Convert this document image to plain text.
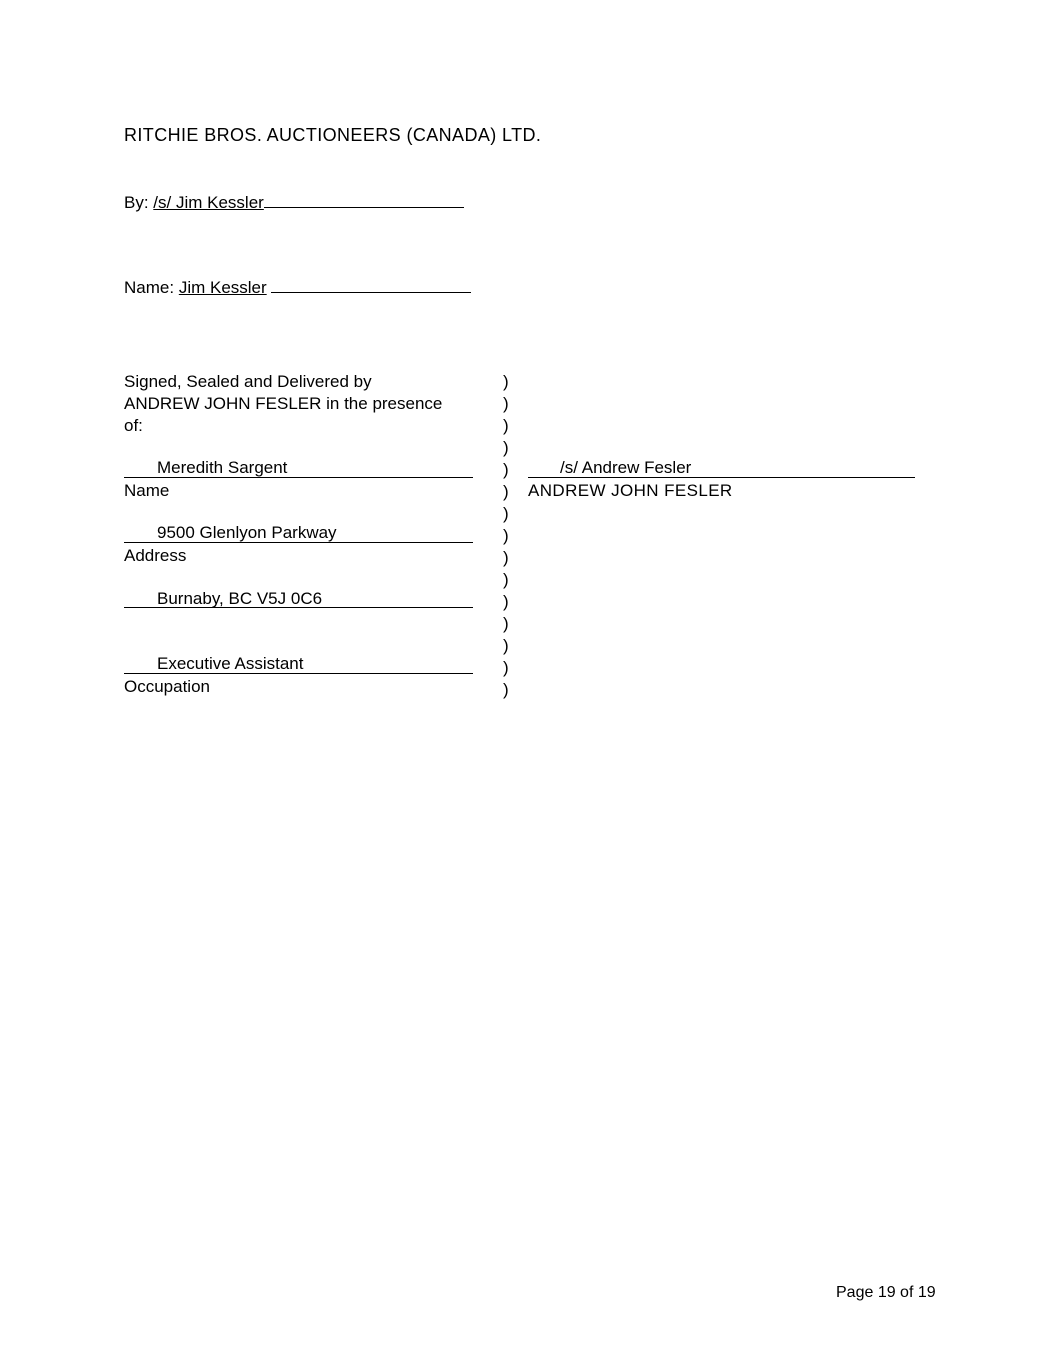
RITCHIE BROS. AUCTIONEERS (CANADA) LTD.
By: /s/ Jim Kessler
Name: Jim Kessler
Signed, Sealed and Delivered by
ANDREW JOHN FESLER in the presence
of:
)
)
)
)
)
)
)
)
)
)
)
)
)
)
)
Meredith Sargent
Name
9500 Glenlyon Parkway
Address
Burnaby, BC V5J 0C6
Executive Assistant
Occupation
/s/ Andrew Fesler
ANDREW JOHN FESLER
Page 19 of 19
